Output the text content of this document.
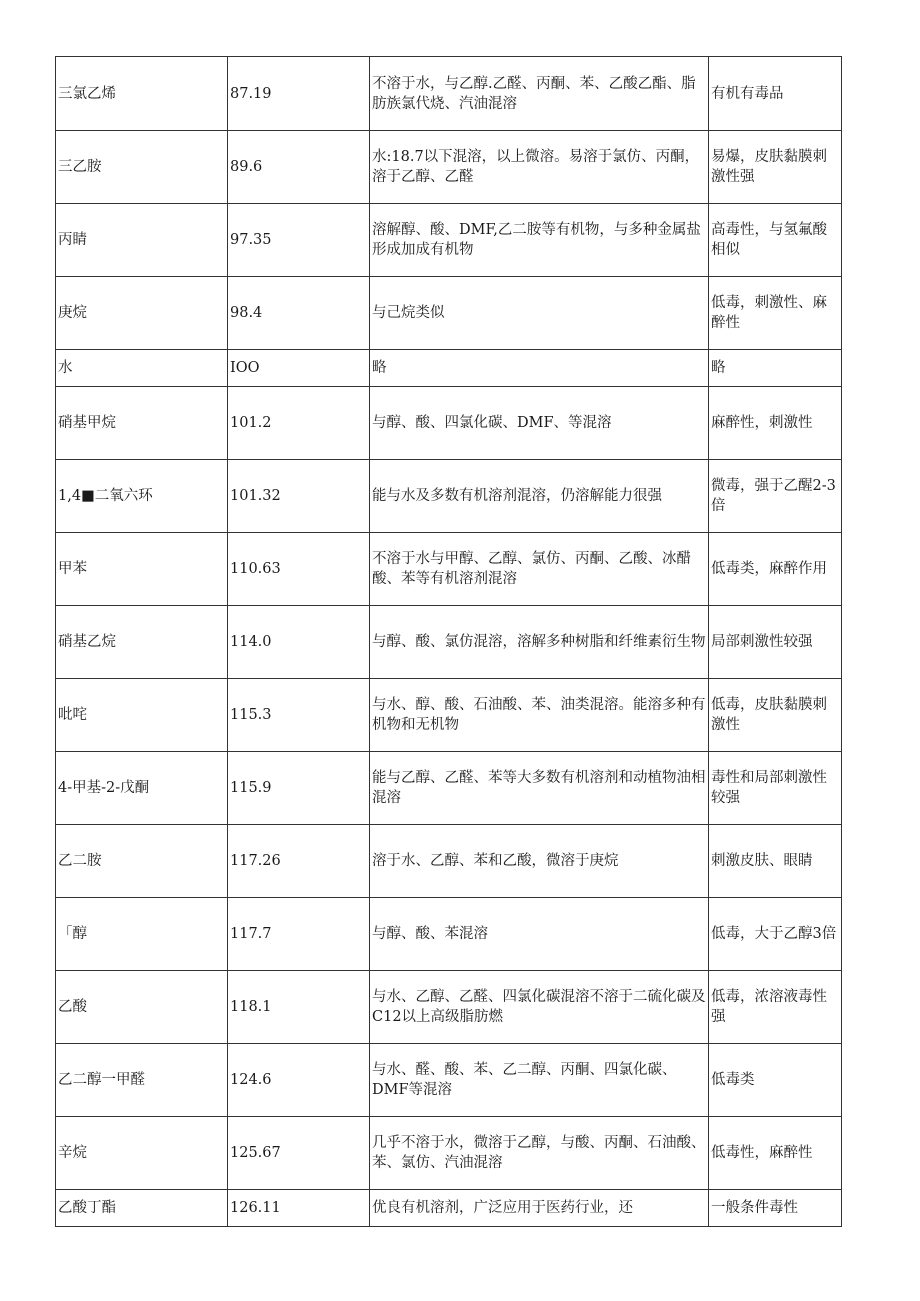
三氯乙烯	87.19	不溶于水，与乙醇.乙醛、丙酮、苯、乙酸乙酯、脂肪族氯代烧、汽油混溶	有机有毒品
三乙胺	89.6	水:18.7以下混溶，以上微溶。易溶于氯仿、丙酮，溶于乙醇、乙醛	易爆，皮肤黏膜刺激性强
丙睛	97.35	溶解醇、酸、DMF,乙二胺等有机物，与多种金属盐形成加成有机物	高毒性，与氢氟酸相似
庚烷	98.4	与己烷类似	低毒，刺激性、麻醉性
水	IOO	略	略
硝基甲烷	101.2	与醇、酸、四氯化碳、DMF、等混溶	麻醉性，刺激性
1,4■二氧六环	101.32	能与水及多数有机溶剂混溶，仍溶解能力很强	微毒，强于乙醒2-3倍
甲苯	110.63	不溶于水与甲醇、乙醇、氯仿、丙酮、乙酸、冰醋酸、苯等有机溶剂混溶	低毒类，麻醉作用
硝基乙烷	114.0	与醇、酸、氯仿混溶，溶解多种树脂和纤维素衍生物	局部刺激性较强
吡咤	115.3	与水、醇、酸、石油酸、苯、油类混溶。能溶多种有机物和无机物	低毒，皮肤黏膜刺激性
4-甲基-2-戊酮	115.9	能与乙醇、乙醛、苯等大多数有机溶剂和动植物油相混溶	毒性和局部刺激性较强
乙二胺	117.26	溶于水、乙醇、苯和乙酸，微溶于庚烷	刺激皮肤、眼睛
「醇	117.7	与醇、酸、苯混溶	低毒，大于乙醇3倍
乙酸	118.1	与水、乙醇、乙醛、四氯化碳混溶不溶于二硫化碳及C12以上高级脂肪燃	低毒，浓溶液毒性强
乙二醇一甲醛	124.6	与水、醛、酸、苯、乙二醇、丙酮、四氯化碳、DMF等混溶	低毒类
辛烷	125.67	几乎不溶于水，微溶于乙醇，与酸、丙酮、石油酸、苯、氯仿、汽油混溶	低毒性，麻醉性
乙酸丁酯	126.11	优良有机溶剂，广泛应用于医药行业，还	一般条件毒性
